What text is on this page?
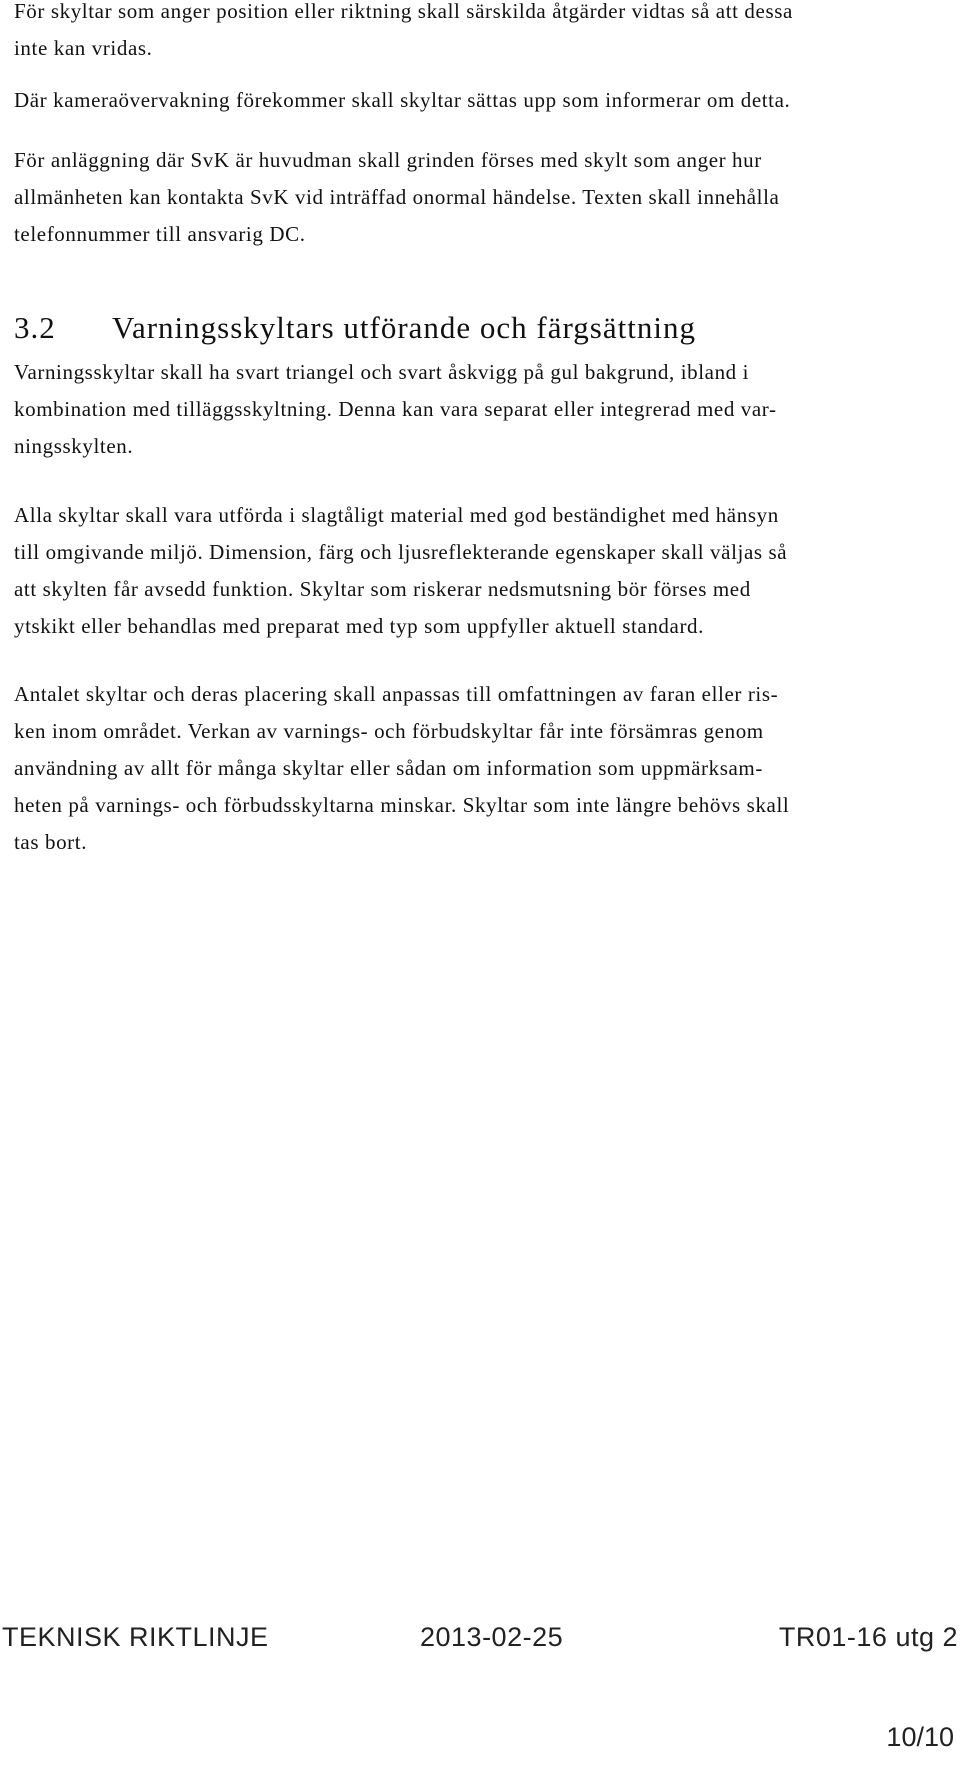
För skyltar som anger position eller riktning skall särskilda åtgärder vidtas så att dessa
inte kan vridas.

Där kameraövervakning förekommer skall skyltar sättas upp som informerar om detta.

För anläggning där SvK är huvudman skall grinden förses med skylt som anger hur
allmänheten kan kontakta SvK vid inträffad onormal händelse. Texten skall innehålla
telefonnummer till ansvarig DC.

3.2 Varningsskyltars utförande och färgsättning

Varningsskyltar skall ha svart triangel och svart åskvigg på gul bakgrund, ibland i
kombination med tilläggsskyltning. Denna kan vara separat eller integrerad med var-
ningsskylten.

Alla skyltar skall vara utförda i slagtåligt material med god beständighet med hänsyn
till omgivande miljö. Dimension, färg och ljusreflekterande egenskaper skall väljas så
att skylten får avsedd funktion. Skyltar som riskerar nedsmutsning bör förses med
ytskikt eller behandlas med preparat med typ som uppfyller aktuell standard.

Antalet skyltar och deras placering skall anpassas till omfattningen av faran eller ris-
ken inom området. Verkan av varnings- och förbudskyltar får inte försämras genom
användning av allt för många skyltar eller sådan om information som uppmärksam-
heten på varnings- och förbudsskyltarna minskar. Skyltar som inte längre behövs skall
tas bort.

TEKNISK RIKTLINJE	2013-02-25	TR01-16 utg 2
10/10
